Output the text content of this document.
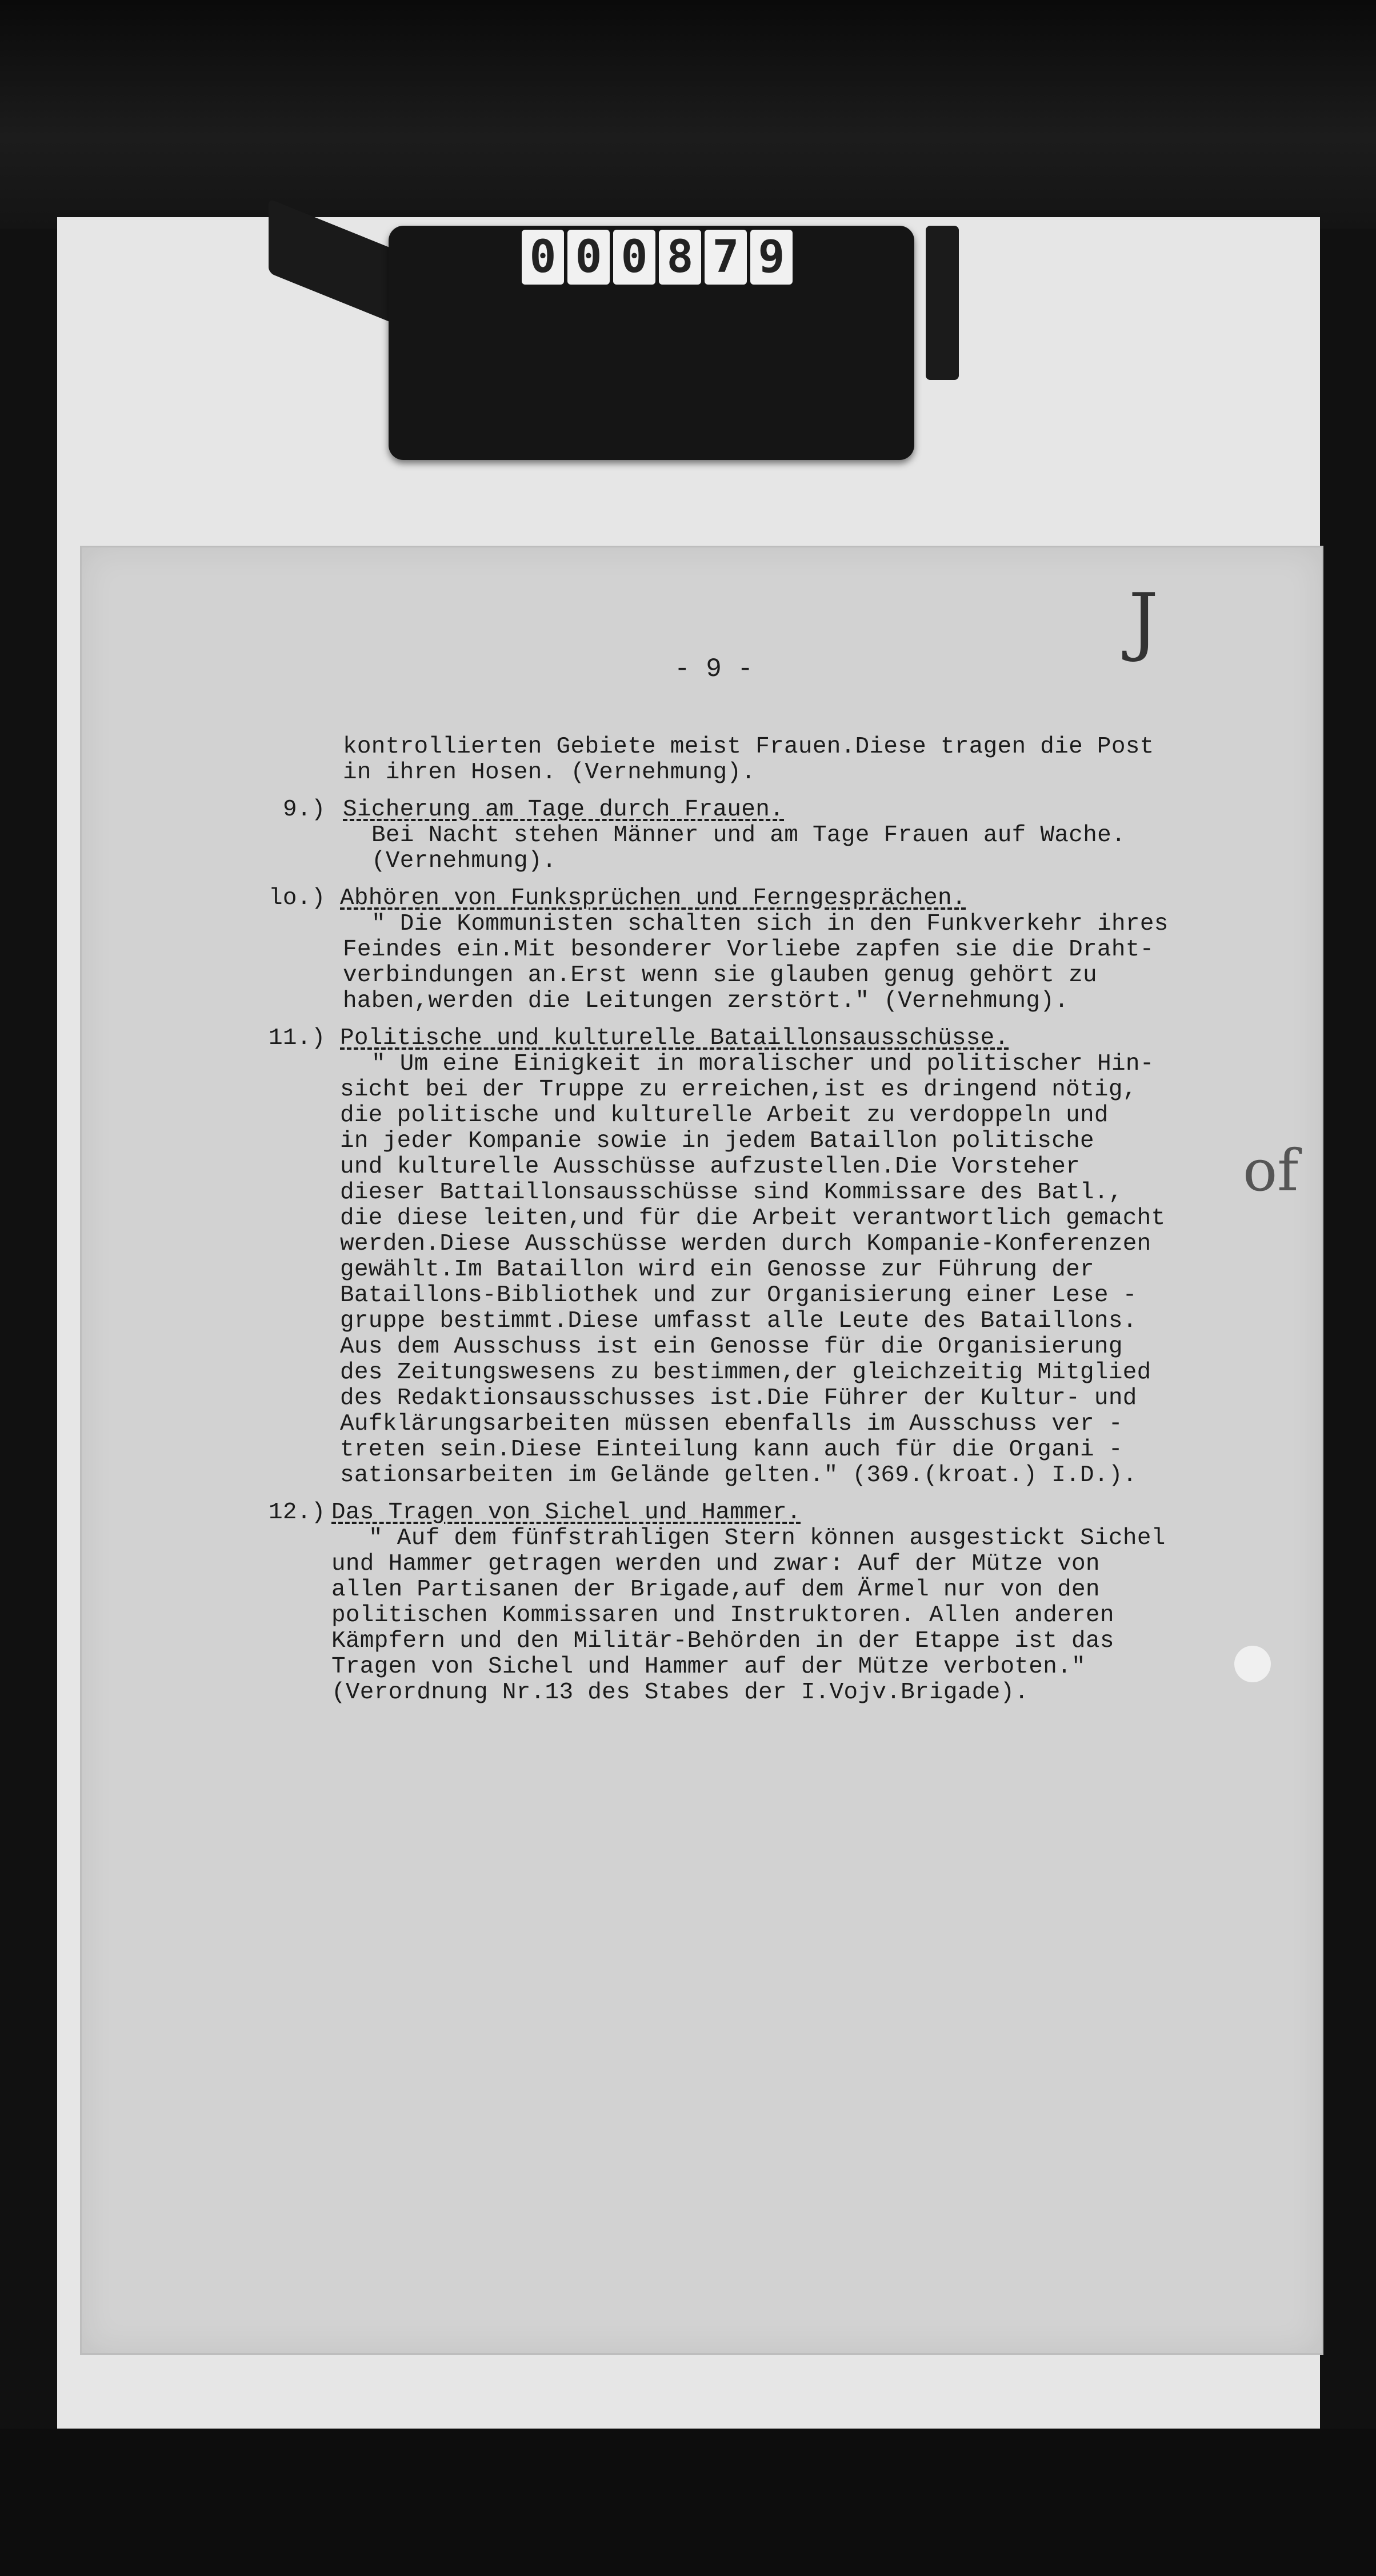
0 0 0 8 7 9
J
of
- 9 -

kontrollierten Gebiete meist Frauen.Diese tragen die Post

in ihren Hosen. (Vernehmung).

9.)

Sicherung am Tage durch Frauen.

Bei Nacht stehen Männer und am Tage Frauen auf Wache.

(Vernehmung).

lo.)

Abhören von Funksprüchen und Ferngesprächen.

" Die Kommunisten schalten sich in den Funkverkehr ihres

Feindes ein.Mit besonderer Vorliebe zapfen sie die Draht-

verbindungen an.Erst wenn sie glauben genug gehört zu

haben,werden die Leitungen zerstört." (Vernehmung).

11.)

Politische und kulturelle Bataillonsausschüsse.

" Um eine Einigkeit in moralischer und politischer Hin-

sicht bei der Truppe zu erreichen,ist es dringend nötig,

die politische und kulturelle Arbeit zu verdoppeln und

in jeder Kompanie sowie in jedem Bataillon politische

und kulturelle Ausschüsse aufzustellen.Die Vorsteher

dieser Battaillonsausschüsse sind Kommissare des Batl.,

die diese leiten,und für die Arbeit verantwortlich gemacht

werden.Diese Ausschüsse werden durch Kompanie-Konferenzen

gewählt.Im Bataillon wird ein Genosse zur Führung der

Bataillons-Bibliothek und zur Organisierung einer Lese -

gruppe bestimmt.Diese umfasst alle Leute des Bataillons.

Aus dem Ausschuss ist ein Genosse für die Organisierung

des Zeitungswesens zu bestimmen,der gleichzeitig Mitglied

des Redaktionsausschusses ist.Die Führer der Kultur- und

Aufklärungsarbeiten müssen ebenfalls im Ausschuss ver -

treten sein.Diese Einteilung kann auch für die Organi -

sationsarbeiten im Gelände gelten." (369.(kroat.) I.D.).

12.)

Das Tragen von Sichel und Hammer.

" Auf dem fünfstrahligen Stern können ausgestickt Sichel

und Hammer getragen werden und zwar: Auf der Mütze von

allen Partisanen der Brigade,auf dem Ärmel nur von den

politischen Kommissaren und Instruktoren. Allen anderen

Kämpfern und den Militär-Behörden in der Etappe ist das

Tragen von Sichel und Hammer auf der Mütze verboten."

(Verordnung Nr.13 des Stabes der I.Vojv.Brigade).
